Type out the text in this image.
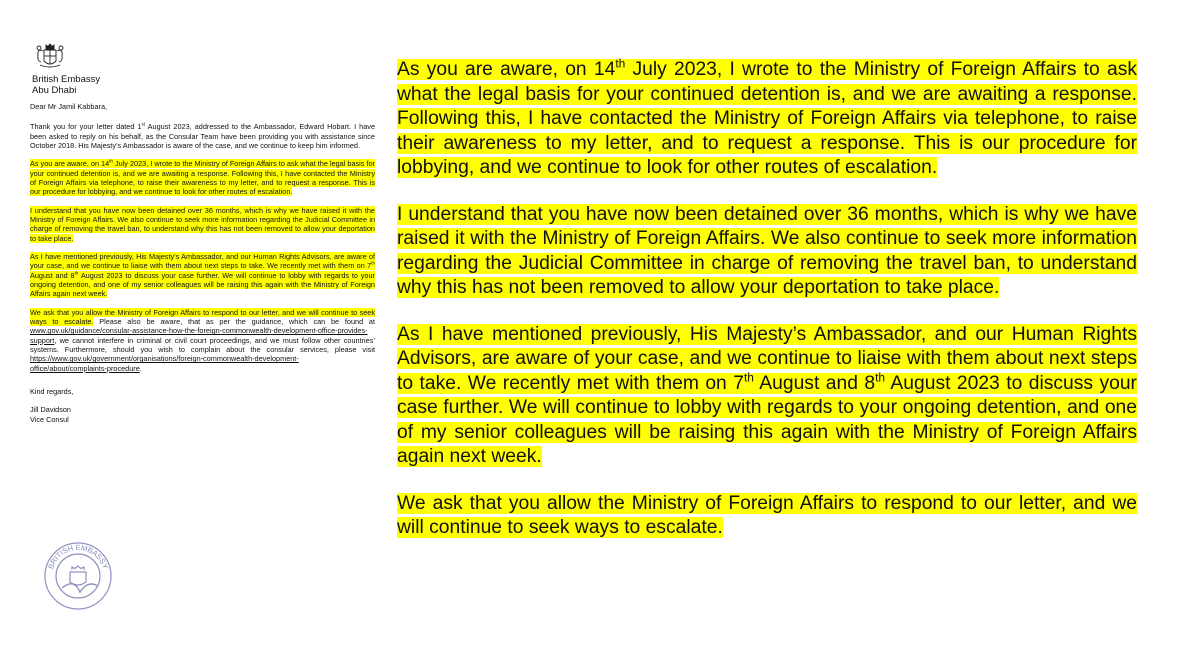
British Embassy
Abu Dhabi

Dear Mr Jamil Kabbara,

Thank you for your letter dated 1st August 2023, addressed to the Ambassador, Edward Hobart. I have been asked to reply on his behalf, as the Consular Team have been providing you with assistance since October 2018. His Majesty’s Ambassador is aware of the case, and we continue to keep him informed.

As you are aware, on 14th July 2023, I wrote to the Ministry of Foreign Affairs to ask what the legal basis for your continued detention is, and we are awaiting a response. Following this, I have contacted the Ministry of Foreign Affairs via telephone, to raise their awareness to my letter, and to request a response. This is our procedure for lobbying, and we continue to look for other routes of escalation.

I understand that you have now been detained over 36 months, which is why we have raised it with the Ministry of Foreign Affairs. We also continue to seek more information regarding the Judicial Committee in charge of removing the travel ban, to understand why this has not been removed to allow your deportation to take place.

As I have mentioned previously, His Majesty’s Ambassador, and our Human Rights Advisors, are aware of your case, and we continue to liaise with them about next steps to take. We recently met with them on 7th August and 8th August 2023 to discuss your case further. We will continue to lobby with regards to your ongoing detention, and one of my senior colleagues will be raising this again with the Ministry of Foreign Affairs again next week.

We ask that you allow the Ministry of Foreign Affairs to respond to our letter, and we will continue to seek ways to escalate. Please also be aware, that as per the guidance, which can be found at www.gov.uk/guidance/consular-assistance-how-the-foreign-commonwealth-development-office-provides-support, we cannot interfere in criminal or civil court proceedings, and we must follow other countries’ systems. Furthermore, should you wish to complain about the consular services, please visit https://www.gov.uk/government/organisations/foreign-commonwealth-development-office/about/complaints-procedure.

Kind regards,

Jill Davidson
Vice Consul
BRITISH EMBASSY

As you are aware, on 14th July 2023, I wrote to the Ministry of Foreign Affairs to ask what the legal basis for your continued detention is, and we are awaiting a response. Following this, I have contacted the Ministry of Foreign Affairs via telephone, to raise their awareness to my letter, and to request a response. This is our procedure for lobbying, and we continue to look for other routes of escalation.

I understand that you have now been detained over 36 months, which is why we have raised it with the Ministry of Foreign Affairs. We also continue to seek more information regarding the Judicial Committee in charge of removing the travel ban, to understand why this has not been removed to allow your deportation to take place.

As I have mentioned previously, His Majesty’s Ambassador, and our Human Rights Advisors, are aware of your case, and we continue to liaise with them about next steps to take. We recently met with them on 7th August and 8th August 2023 to discuss your case further. We will continue to lobby with regards to your ongoing detention, and one of my senior colleagues will be raising this again with the Ministry of Foreign Affairs again next week.

We ask that you allow the Ministry of Foreign Affairs to respond to our letter, and we will continue to seek ways to escalate.
